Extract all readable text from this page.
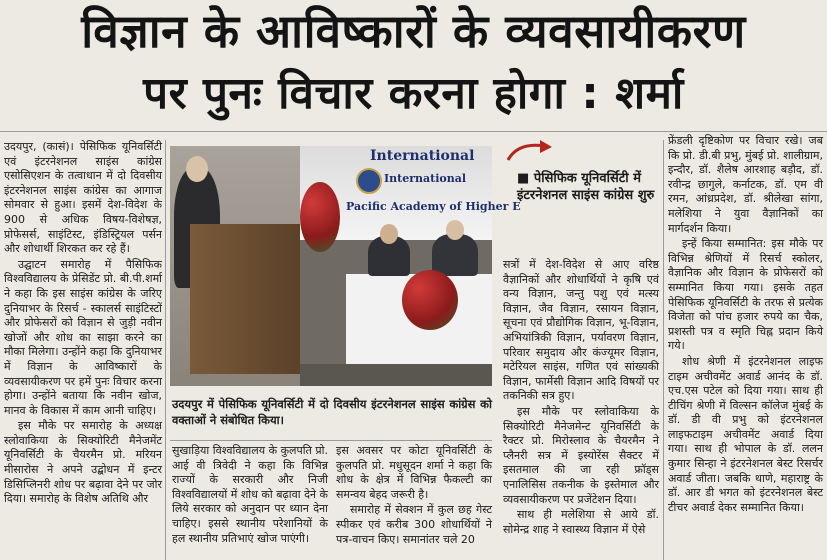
विज्ञान के आविष्कारों के व्यवसायीकरण
पर पुनः विचार करना होगा : शर्मा

उदयपुर, (कासं)। पेसिफिक यूनिवर्सिटी एवं इंटरनेशनल साइंस कांग्रेस एसोसिएशन के तत्वाधान में दो दिवसीय इंटरनेशनल साइंस कांग्रेस का आगाज सोमवार से हुआ। इसमें देश-विदेश के 900 से अधिक विषय-विशेषज्ञ, प्रोफेसर्स, साइंटिस्ट, इंडिस्ट्रियल पर्सन और शोधार्थी शिरकत कर रहे हैं।

उद्घाटन समारोह में पैसिफिक विश्वविद्यालय के प्रेसिडेंट प्रो. बी.पी.शर्मा ने कहा कि इस साइंस कांग्रेस के जरिए दुनियाभर के रिसर्च - स्कालर्स साइंटिस्टों और प्रोफेसरों को विज्ञान से जुड़ी नवीन खोजों और शोध का साझा करने का मौका मिलेगा। उन्होंने कहा कि दुनियाभर में विज्ञान के आविष्कारों के व्यवसायीकरण पर हमें पुनः विचार करना होगा। उन्होंने बताया कि नवीन खोज, मानव के विकास में काम आनी चाहिए।

इस मौके पर समारोह के अध्यक्ष स्लोवाकिया के सिक्योरिटी मैनेजमेंट यूनिवर्सिटी के चैयरमैन प्रो. मरियन मीसारोस ने अपने उद्बोधन में इन्टर डिसिप्लिनरी शोध पर बढ़ावा देने पर जोर दिया। समारोह के विशेष अतिथि और

International
International
Pacific Academy of Higher E
उदयपुर में पेसिफिक यूनिवर्सिटी में दो दिवसीय इंटरनेशनल साइंस कांग्रेस को वक्ताओं ने संबोधित किया।

सुखाड़िया विश्वविद्यालय के कुलपति प्रो. आई वी त्रिवेदी ने कहा कि विभिन्न राज्यों के सरकारी और निजी विश्वविद्यालयों में शोध को बढ़ावा देने के लिये सरकार को अनुदान पर ध्यान देना चाहिए। इससे स्थानीय परेशानियों के हल स्थानीय प्रतिभाएं खोज पाएंगी।

इस अवसर पर कोटा यूनिवर्सिटी के कुलपति प्रो. मधुसूदन शर्मा ने कहा कि शोध के क्षेत्र में विभिन्न फैकल्टी का समन्वय बेहद जरूरी है।

समारोह में सेक्शन में कुल छह गेस्ट स्पीकर एवं करीब 300 शोधार्थियों ने पत्र-वाचन किए। समानांतर चले 20

■ पेसिफिक यूनिवर्सिटी में इंटरनेशनल साइंस कांग्रेस शुरु

सत्रों में देश-विदेश से आए वरिष्ठ वैज्ञानिकों और शोधार्थियों ने कृषि एवं वन्य विज्ञान, जन्तु पशु एवं मत्स्य विज्ञान, जैव विज्ञान, रसायन विज्ञान, सूचना एवं प्रौद्योगिक विज्ञान, भू-विज्ञान, अभियांत्रिकी विज्ञान, पर्यावरण विज्ञान, परिवार समुदाय और कंज्यूमर विज्ञान, मटेरियल साइंस, गणित एवं सांख्यकी विज्ञान, फार्मेसी विज्ञान आदि विषयों पर तकनिकी सत्र हुए।

इस मौके पर स्लोवाकिया के सिक्योरिटी मैनेजमेन्ट यूनिवर्सिटी के रैक्टर प्रो. मिरोस्लाव के चैयरमैन ने प्लैनरी सत्र में इस्योरेंस सैक्टर में इसतमाल की जा रही फ्रॉड्स एनालिसिस तकनीक के इस्तेमाल और व्यवसायीकरण पर प्रजेंटेशन दिया।

साथ ही मलेशिया से आये डॉ. सोमेन्द्र शाह ने स्वास्थ्य विज्ञान में ऐसे

फ्रेंडली दृष्टिकोण पर विचार रखे। जब कि प्रो. डी.बी प्रभु, मुंबई प्रो. शालीग्राम, इन्दौर, डॉ. शैलेष आरशाह बड़ौद, डॉ. रवीन्द्र छागुले, कर्नाटक, डॉ. एम वी रमन, आंध्रप्रदेश, डॉ. श्रीलेखा सांगा, मलेशिया ने युवा वैज्ञानिकों का मार्गदर्शन किया।

इन्हें किया सम्मानित: इस मौके पर विभिन्न श्रेणियों में रिसर्च स्कोलर, वैज्ञानिक और विज्ञान के प्रोफेसरों को सम्मानित किया गया। इसके तहत पेसिफिक यूनिवर्सिटी के तरफ से प्रत्येक विजेता को पांच हजार रुपये का चैक, प्रशस्ती पत्र व स्मृति चिह्न प्रदान किये गये।

शोध श्रेणी में इंटरनेशनल लाइफ टाइम अचीवमेंट अवार्ड आनंद के डॉ. एच.एस पटेल को दिया गया। साथ ही टीचिंग श्रेणी में विल्सन कॉलेज मुंबई के डॉ. डी वी प्रभु को इंटरनेशनल लाइफटाइम अचीवमेंट अवार्ड दिया गया। साथ ही भोपाल के डॉ. ललन कुमार सिन्हा ने इंटरनेशनल बेस्ट रिसर्चर अवार्ड जीता। जबकि थाणे, महाराष्ट्र के डॉ. आर डी भगत को इंटरनेशनल बेस्ट टीचर अवार्ड देकर सम्मानित किया।
